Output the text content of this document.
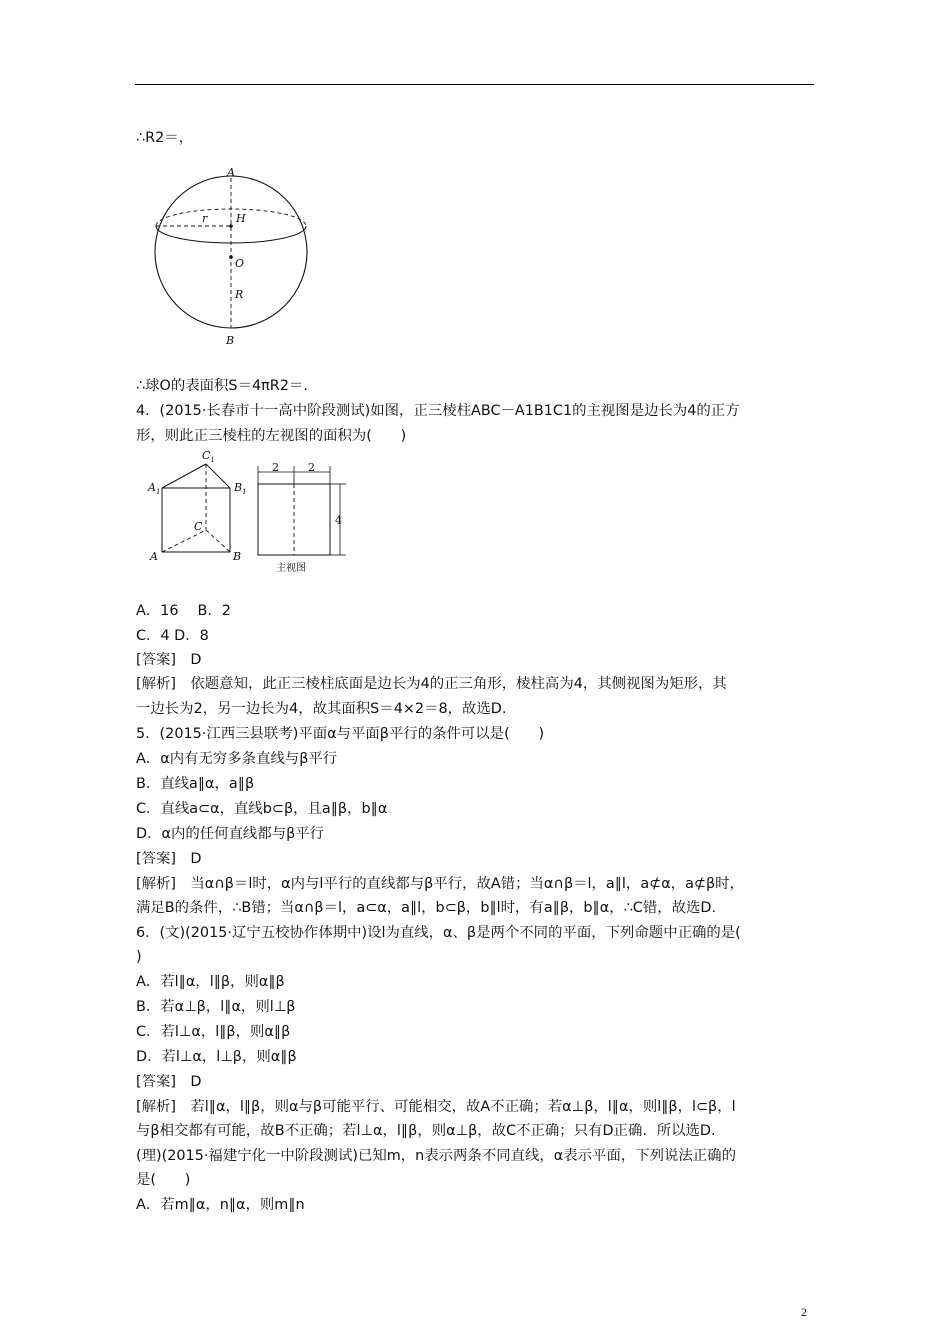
∴R2＝，
A
r	H
O
R
B
∴球O的表面积S＝4πR2＝.
4．(2015·长春市十一高中阶段测试)如图，正三棱柱ABC－A1B1C1的主视图是边长为4的正方
形，则此正三棱柱的左视图的面积为(　　)
$C_1$
$A_1$	$B_1$
C
A	B
2	2
4
主视图
A．16　 B．2
C．4 D．8
[答案]　D
[解析]　依题意知，此正三棱柱底面是边长为4的正三角形，棱柱高为4，其侧视图为矩形，其
一边长为2，另一边长为4，故其面积S＝4×2＝8，故选D.
5．(2015·江西三县联考)平面α与平面β平行的条件可以是(　　)
A．α内有无穷多条直线与β平行
B．直线a∥α，a∥β
C．直线a⊂α，直线b⊂β，且a∥β，b∥α
D．α内的任何直线都与β平行
[答案]　D
[解析]　当α∩β＝l时，α内与l平行的直线都与β平行，故A错；当α∩β＝l，a∥l，a⊄α，a⊄β时，
满足B的条件，∴B错；当α∩β＝l，a⊂α，a∥l，b⊂β，b∥l时，有a∥β，b∥α，∴C错，故选D.
6．(文)(2015·辽宁五校协作体期中)设l为直线，α、β是两个不同的平面，下列命题中正确的是(
)
A．若l∥α，l∥β，则α∥β
B．若α⊥β，l∥α，则l⊥β
C．若l⊥α，l∥β，则α∥β
D．若l⊥α，l⊥β，则α∥β
[答案]　D
[解析]　若l∥α，l∥β，则α与β可能平行、可能相交，故A不正确；若α⊥β，l∥α，则l∥β，l⊂β，l
与β相交都有可能，故B不正确；若l⊥α，l∥β，则α⊥β，故C不正确；只有D正确．所以选D.
(理)(2015·福建宁化一中阶段测试)已知m，n表示两条不同直线，α表示平面，下列说法正确的
是(　　)
A．若m∥α，n∥α，则m∥n
2
